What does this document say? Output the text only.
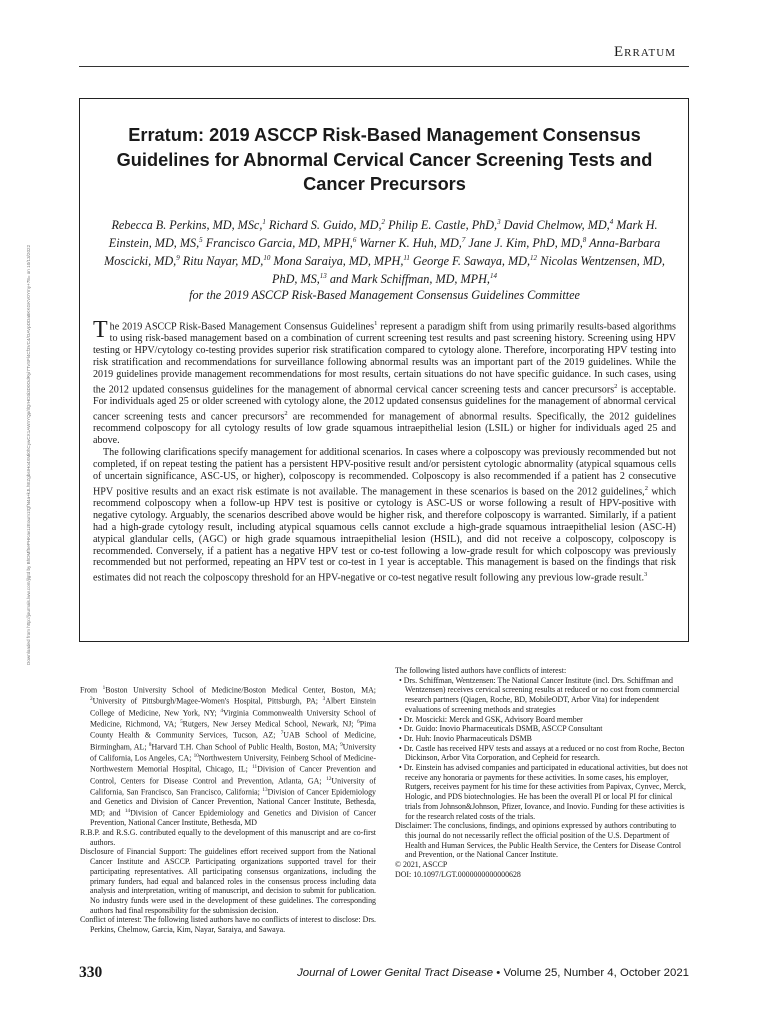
Erratum
Erratum: 2019 ASCCP Risk-Based Management Consensus Guidelines for Abnormal Cervical Cancer Screening Tests and Cancer Precursors
Rebecca B. Perkins, MD, MSc,$^1$ Richard S. Guido, MD,$^2$ Philip E. Castle, PhD,$^3$ David Chelmow, MD,$^4$ Mark H. Einstein, MD, MS,$^5$ Francisco Garcia, MD, MPH,$^6$ Warner K. Huh, MD,$^7$ Jane J. Kim, PhD, MD,$^8$ Anna-Barbara Moscicki, MD,$^9$ Ritu Nayar, MD,$^{10}$ Mona Saraiya, MD, MPH,$^{11}$ George F. Sawaya, MD,$^{12}$ Nicolas Wentzensen, MD, PhD, MS,$^{13}$ and Mark Schiffman, MD, MPH,$^{14}$
for the 2019 ASCCP Risk-Based Management Consensus Guidelines Committee

The 2019 ASCCP Risk-Based Management Consensus Guidelines$^1$ represent a paradigm shift from using primarily results-based algorithms to using risk-based management based on a combination of current screening test results and past screening history. Screening using HPV testing or HPV/cytology co-testing provides superior risk stratification compared to cytology alone. Therefore, incorporating HPV testing into risk stratification and recommendations for surveillance following abnormal results was an important part of the 2019 guidelines. While the 2019 guidelines provide management recommendations for most results, certain situations do not have specific guidance. In such cases, using the 2012 updated consensus guidelines for the management of abnormal cervical cancer screening tests and cancer precursors$^2$ is acceptable. For individuals aged 25 or older screened with cytology alone, the 2012 updated consensus guidelines for the management of abnormal cervical cancer screening tests and cancer precursors$^2$ are recommended for management of abnormal results. Specifically, the 2012 guidelines recommend colposcopy for all cytology results of low grade squamous intraepithelial lesion (LSIL) or higher for individuals aged 25 and above.

The following clarifications specify management for additional scenarios. In cases where a colposcopy was previously recommended but not completed, if on repeat testing the patient has a persistent HPV-positive result and/or persistent cytologic abnormality (atypical squamous cells of uncertain significance, ASC-US, or higher), colposcopy is recommended. Colposcopy is also recommended if a patient has 2 consecutive HPV positive results and an exact risk estimate is not available. The management in these scenarios is based on the 2012 guidelines,$^2$ which recommend colposcopy when a follow-up HPV test is positive or cytology is ASC-US or worse following a result of HPV-positive with negative cytology. Arguably, the scenarios described above would be higher risk, and therefore colposcopy is warranted. Similarly, if a patient had a high-grade cytology result, including atypical squamous cells cannot exclude a high-grade squamous intraepithelial lesion (ASC-H) atypical glandular cells, (AGC) or high grade squamous intraepithelial lesion (HSIL), and did not receive a colposcopy, colposcopy is recommended. Conversely, if a patient has a negative HPV test or co-test following a low-grade result for which colposcopy was previously recommended but not performed, repeating an HPV test or co-test in 1 year is acceptable. This management is based on the findings that risk estimates did not reach the colposcopy threshold for an HPV-negative or co-test negative result following any previous low-grade result.$^3$

Downloaded from http://journals.lww.com/jlgtd by BhDMf5ePHKav1zEoum1tQfN4a+kJLhEZgbsIHo4XMi0hCywCX1AWnYQp/IlQrHD3i3D0OdRyi7TvSFl4Cf3VC4/OAVpDDa8KKGKV0Ymy+78= on 10/13/2022

From $^1$Boston University School of Medicine/Boston Medical Center, Boston, MA; $^2$University of Pittsburgh/Magee-Women's Hospital, Pittsburgh, PA; $^3$Albert Einstein College of Medicine, New York, NY; $^4$Virginia Commonwealth University School of Medicine, Richmond, VA; $^5$Rutgers, New Jersey Medical School, Newark, NJ; $^6$Pima County Health & Community Services, Tucson, AZ; $^7$UAB School of Medicine, Birmingham, AL; $^8$Harvard T.H. Chan School of Public Health, Boston, MA; $^9$University of California, Los Angeles, CA; $^{10}$Northwestern University, Feinberg School of Medicine-Northwestern Memorial Hospital, Chicago, IL; $^{11}$Division of Cancer Prevention and Control, Centers for Disease Control and Prevention, Atlanta, GA; $^{12}$University of California, San Francisco, San Francisco, California; $^{13}$Division of Cancer Epidemiology and Genetics and Division of Cancer Prevention, National Cancer Institute, Bethesda, MD; and $^{14}$Division of Cancer Epidemiology and Genetics and Division of Cancer Prevention, National Cancer Institute, Bethesda, MD

R.B.P. and R.S.G. contributed equally to the development of this manuscript and are co-first authors.

Disclosure of Financial Support: The guidelines effort received support from the National Cancer Institute and ASCCP. Participating organizations supported travel for their participating representatives. All participating consensus organizations, including the primary funders, had equal and balanced roles in the consensus process including data analysis and interpretation, writing of manuscript, and decision to submit for publication. No industry funds were used in the development of these guidelines. The corresponding authors had final responsibility for the submission decision.

Conflict of interest: The following listed authors have no conflicts of interest to disclose: Drs. Perkins, Chelmow, Garcia, Kim, Nayar, Saraiya, and Sawaya.

The following listed authors have conflicts of interest:

• Drs. Schiffman, Wentzensen: The National Cancer Institute (incl. Drs. Schiffman and Wentzensen) receives cervical screening results at reduced or no cost from commercial research partners (Qiagen, Roche, BD, MobileODT, Arbor Vita) for independent evaluations of screening methods and strategies

• Dr. Moscicki: Merck and GSK, Advisory Board member

• Dr. Guido: Inovio Pharmaceuticals DSMB, ASCCP Consultant

• Dr. Huh: Inovio Pharmaceuticals DSMB

• Dr. Castle has received HPV tests and assays at a reduced or no cost from Roche, Becton Dickinson, Arbor Vita Corporation, and Cepheid for research.

• Dr. Einstein has advised companies and participated in educational activities, but does not receive any honoraria or payments for these activities. In some cases, his employer, Rutgers, receives payment for his time for these activities from Papivax, Cynvec, Merck, Hologic, and PDS biotechnologies. He has been the overall PI or local PI for clinical trials from Johnson&Johnson, Pfizer, Iovance, and Inovio. Funding for these activities is for the research related costs of the trials.

Disclaimer: The conclusions, findings, and opinions expressed by authors contributing to this journal do not necessarily reflect the official position of the U.S. Department of Health and Human Services, the Public Health Service, the Centers for Disease Control and Prevention, or the National Cancer Institute.

© 2021, ASCCP

DOI: 10.1097/LGT.0000000000000628

330	Journal of Lower Genital Tract Disease • Volume 25, Number 4, October 2021
